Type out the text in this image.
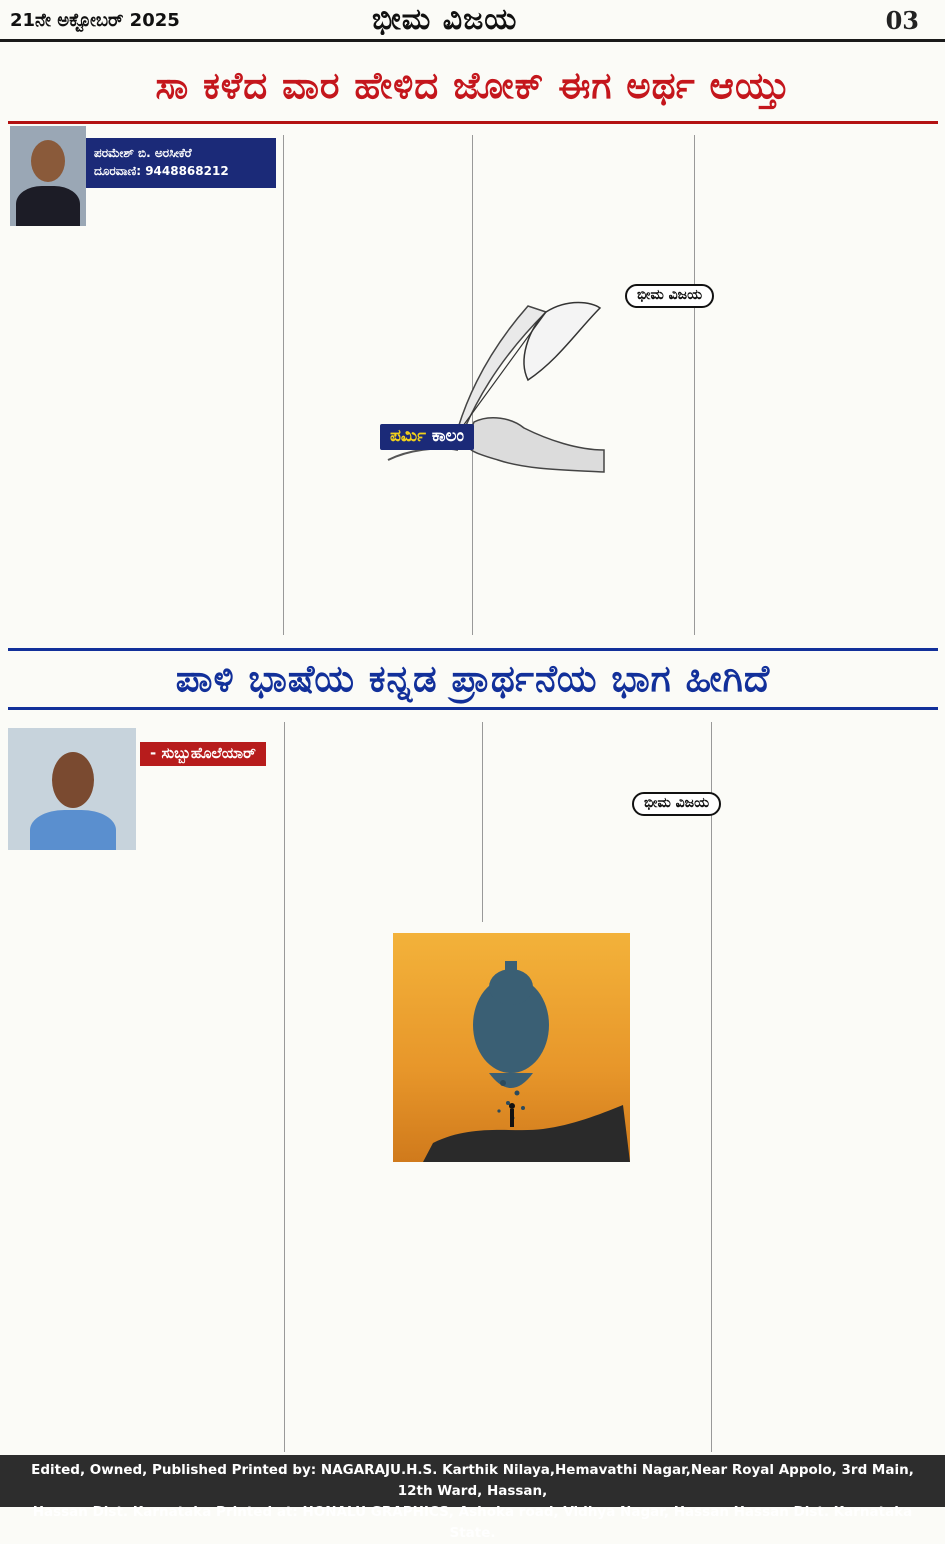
21ನೇ ಅಕ್ಟೋಬರ್ 2025	ಭೀಮ ವಿಜಯ	03
ಸಾ ಕಳೆದ ವಾರ ಹೇಳಿದ ಜೋಕ್ ಈಗ ಅರ್ಥ ಆಯ್ತು
ಪರಮೇಶ್ ಬಿ. ಅರಸೀಕೆರೆ
ದೂರವಾಣಿ: 9448868212
ಪರ್ಮಿ ಕಾಲಂ
ಭೀಮ ವಿಜಯ
ಪಾಳಿ ಭಾಷೆಯ ಕನ್ನಡ ಪ್ರಾರ್ಥನೆಯ ಭಾಗ ಹೀಗಿದೆ
- ಸುಬ್ಬುಹೊಲೆಯಾರ್
ಭೀಮ ವಿಜಯ
Edited, Owned, Published Printed by: NAGARAJU.H.S. Karthik Nilaya,Hemavathi Nagar,Near Royal Appolo, 3rd Main, 12th Ward, Hassan,
Hassan Dist. Karnataka Printed at: HONALU GRAPHICS, Ashoka road, Vidhya Nagar, Hassan Hassan Dist. Karnataka State.
